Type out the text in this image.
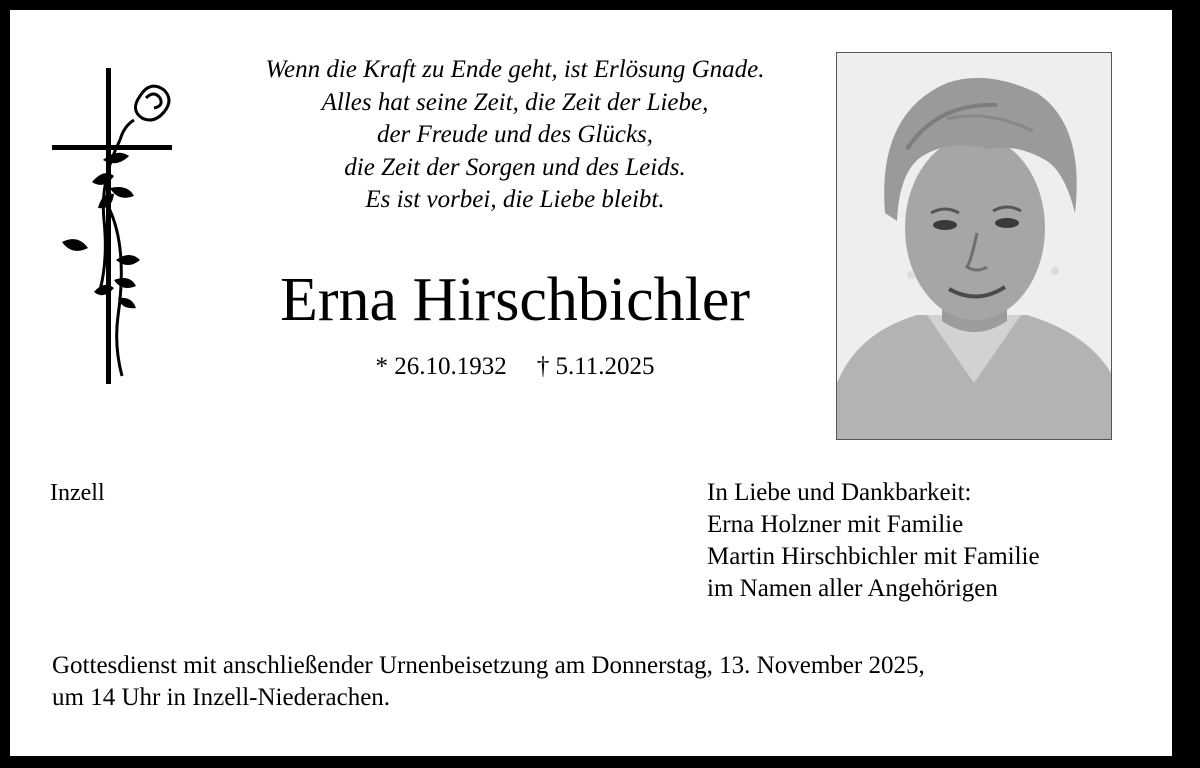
Wenn die Kraft zu Ende geht, ist Erlösung Gnade.
Alles hat seine Zeit, die Zeit der Liebe,
der Freude und des Glücks,
die Zeit der Sorgen und des Leids.
Es ist vorbei, die Liebe bleibt.
Erna Hirschbichler
* 26.10.1932 † 5.11.2025
Inzell	In Liebe und Dankbarkeit:
Erna Holzner mit Familie
Martin Hirschbichler mit Familie
im Namen aller Angehörigen
Gottesdienst mit anschließender Urnenbeisetzung am Donnerstag, 13. November 2025,
um 14 Uhr in Inzell-Niederachen.
